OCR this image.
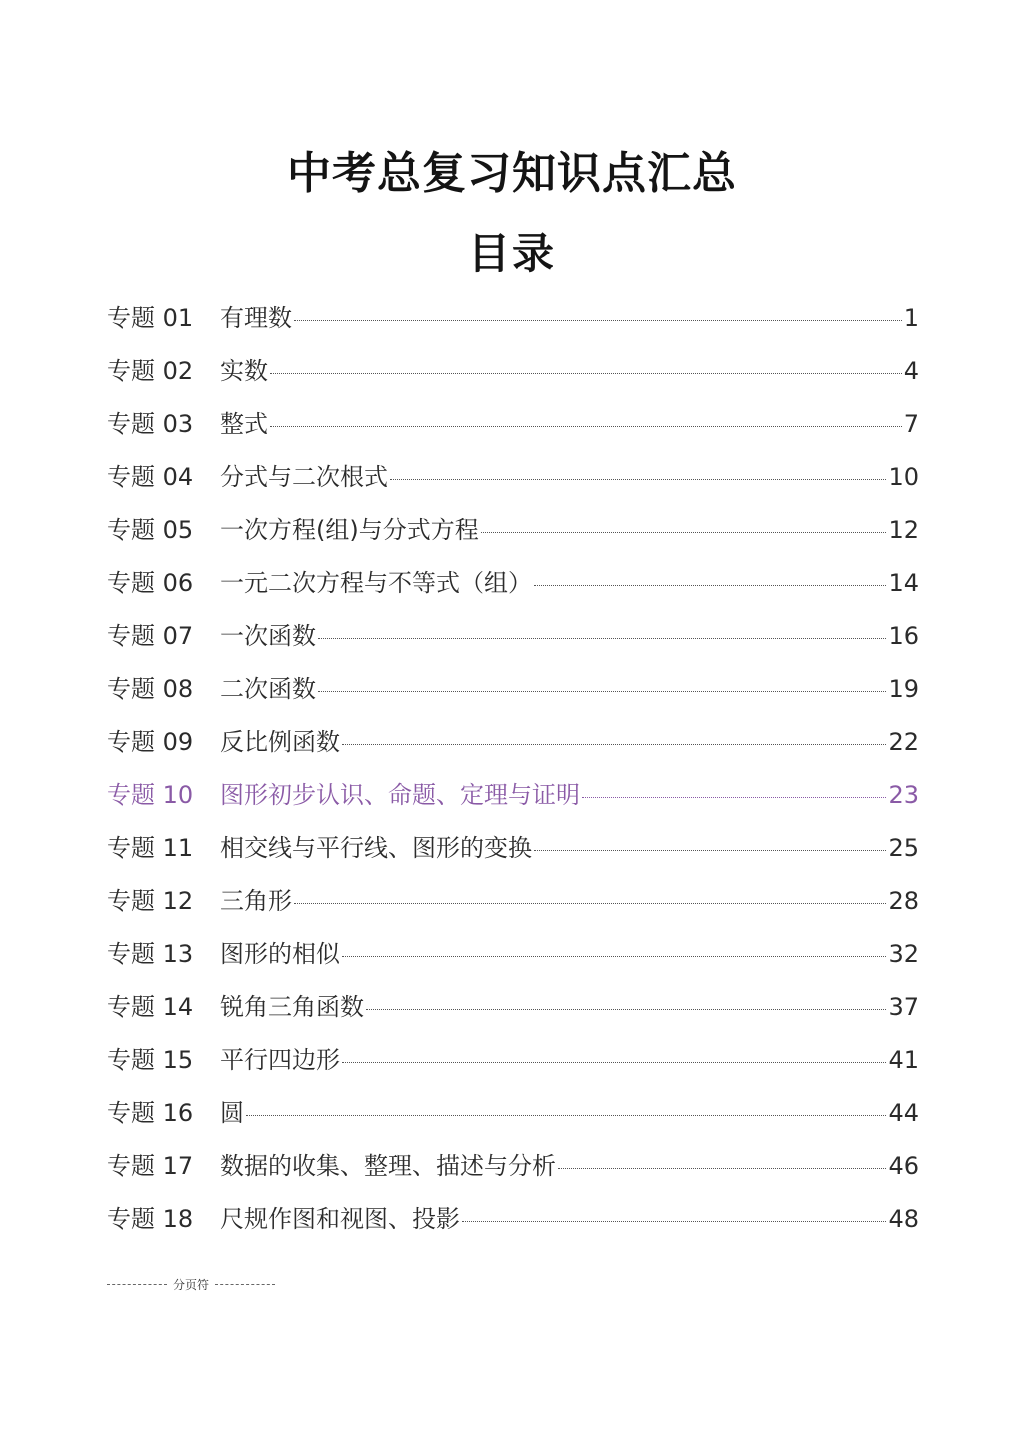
中考总复习知识点汇总
目录
专题 01	有理数	1
专题 02	实数	4
专题 03	整式	7
专题 04	分式与二次根式	10
专题 05	一次方程(组)与分式方程	12
专题 06	一元二次方程与不等式（组）	14
专题 07	一次函数	16
专题 08	二次函数	19
专题 09	反比例函数	22
专题 10	图形初步认识、命题、定理与证明	23
专题 11	相交线与平行线、图形的变换	25
专题 12	三角形	28
专题 13	图形的相似	32
专题 14	锐角三角函数	37
专题 15	平行四边形	41
专题 16	圆	44
专题 17	数据的收集、整理、描述与分析	46
专题 18	尺规作图和视图、投影	48
分页符
